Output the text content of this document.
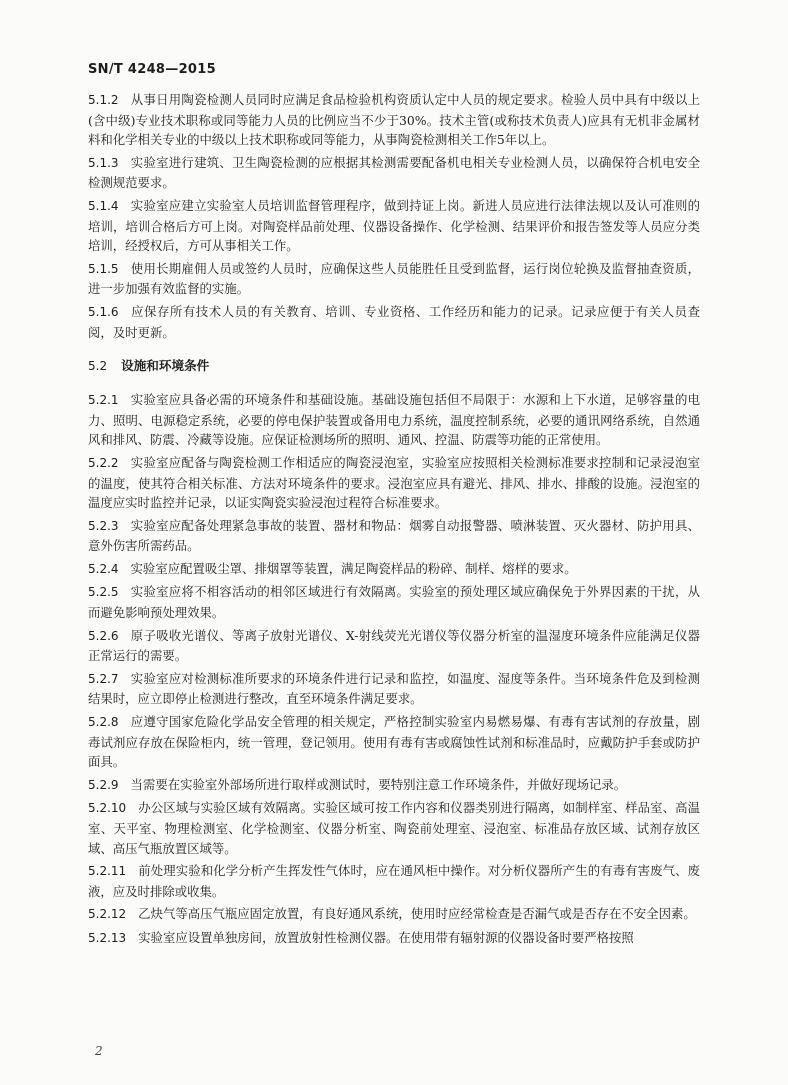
SN/T 4248—2015

5.1.2 从事日用陶瓷检测人员同时应满足食品检验机构资质认定中人员的规定要求。检验人员中具有中级以上(含中级)专业技术职称或同等能力人员的比例应当不少于30%。技术主管(或称技术负责人)应具有无机非金属材料和化学相关专业的中级以上技术职称或同等能力，从事陶瓷检测相关工作5年以上。

5.1.3 实验室进行建筑、卫生陶瓷检测的应根据其检测需要配备机电相关专业检测人员，以确保符合机电安全检测规范要求。

5.1.4 实验室应建立实验室人员培训监督管理程序，做到持证上岗。新进人员应进行法律法规以及认可准则的培训，培训合格后方可上岗。对陶瓷样品前处理、仪器设备操作、化学检测、结果评价和报告签发等人员应分类培训，经授权后，方可从事相关工作。

5.1.5 使用长期雇佣人员或签约人员时，应确保这些人员能胜任且受到监督，运行岗位轮换及监督抽查资质，进一步加强有效监督的实施。

5.1.6 应保存所有技术人员的有关教育、培训、专业资格、工作经历和能力的记录。记录应便于有关人员查阅，及时更新。

5.2 设施和环境条件

5.2.1 实验室应具备必需的环境条件和基础设施。基础设施包括但不局限于：水源和上下水道，足够容量的电力、照明、电源稳定系统，必要的停电保护装置或备用电力系统，温度控制系统，必要的通讯网络系统，自然通风和排风、防震、冷藏等设施。应保证检测场所的照明、通风、控温、防震等功能的正常使用。

5.2.2 实验室应配备与陶瓷检测工作相适应的陶瓷浸泡室，实验室应按照相关检测标准要求控制和记录浸泡室的温度，使其符合相关标准、方法对环境条件的要求。浸泡室应具有避光、排风、排水、排酸的设施。浸泡室的温度应实时监控并记录，以证实陶瓷实验浸泡过程符合标准要求。

5.2.3 实验室应配备处理紧急事故的装置、器材和物品：烟雾自动报警器、喷淋装置、灭火器材、防护用具、意外伤害所需药品。

5.2.4 实验室应配置吸尘罩、排烟罩等装置，满足陶瓷样品的粉碎、制样、熔样的要求。

5.2.5 实验室应将不相容活动的相邻区域进行有效隔离。实验室的预处理区域应确保免于外界因素的干扰，从而避免影响预处理效果。

5.2.6 原子吸收光谱仪、等离子放射光谱仪、X-射线荧光光谱仪等仪器分析室的温湿度环境条件应能满足仪器正常运行的需要。

5.2.7 实验室应对检测标准所要求的环境条件进行记录和监控，如温度、湿度等条件。当环境条件危及到检测结果时，应立即停止检测进行整改，直至环境条件满足要求。

5.2.8 应遵守国家危险化学品安全管理的相关规定，严格控制实验室内易燃易爆、有毒有害试剂的存放量，剧毒试剂应存放在保险柜内，统一管理，登记领用。使用有毒有害或腐蚀性试剂和标准品时，应戴防护手套或防护面具。

5.2.9 当需要在实验室外部场所进行取样或测试时，要特别注意工作环境条件，并做好现场记录。

5.2.10 办公区域与实验区域有效隔离。实验区域可按工作内容和仪器类别进行隔离，如制样室、样品室、高温室、天平室、物理检测室、化学检测室、仪器分析室、陶瓷前处理室、浸泡室、标准品存放区域、试剂存放区域、高压气瓶放置区域等。

5.2.11 前处理实验和化学分析产生挥发性气体时，应在通风柜中操作。对分析仪器所产生的有毒有害废气、废液，应及时排除或收集。

5.2.12 乙炔气等高压气瓶应固定放置，有良好通风系统，使用时应经常检查是否漏气或是否存在不安全因素。

5.2.13 实验室应设置单独房间，放置放射性检测仪器。在使用带有辐射源的仪器设备时要严格按照

2
